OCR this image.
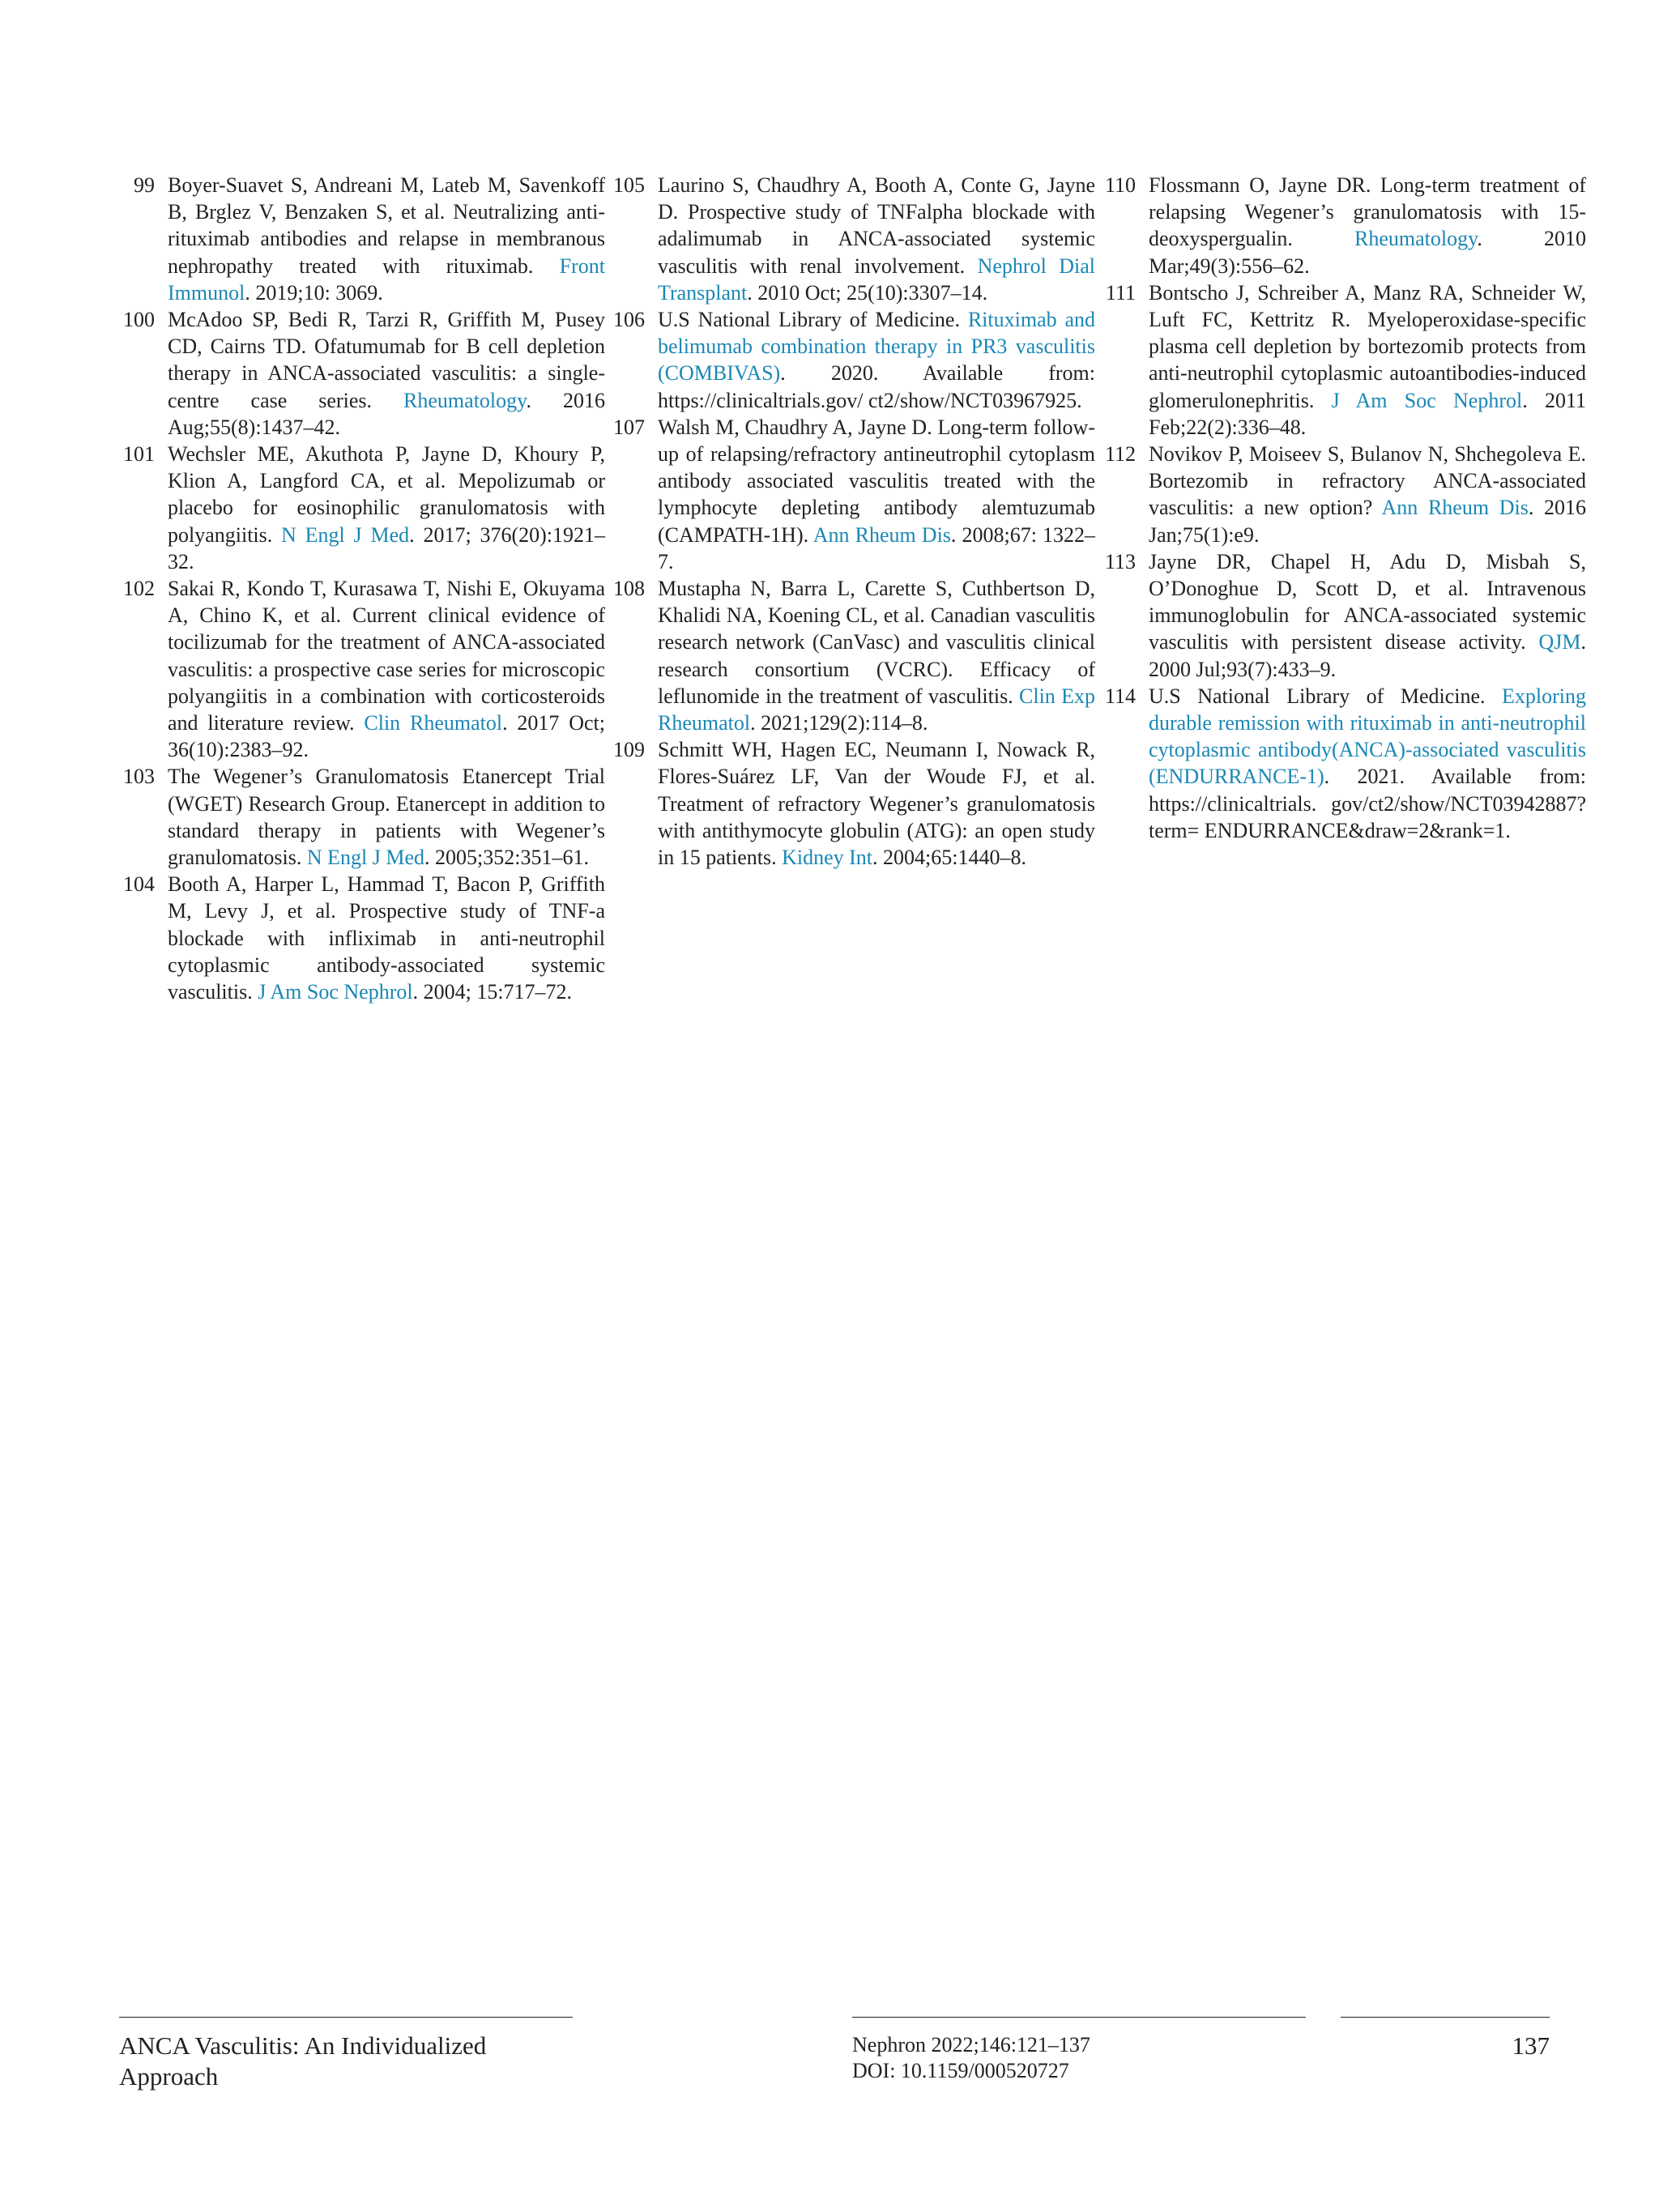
99 Boyer-Suavet S, Andreani M, Lateb M, Savenkoff B, Brglez V, Benzaken S, et al. Neutralizing anti-rituximab antibodies and relapse in membranous nephropathy treated with rituximab. Front Immunol. 2019;10: 3069.
100 McAdoo SP, Bedi R, Tarzi R, Griffith M, Pusey CD, Cairns TD. Ofatumumab for B cell depletion therapy in ANCA-associated vasculitis: a single-centre case series. Rheumatology. 2016 Aug;55(8):1437–42.
101 Wechsler ME, Akuthota P, Jayne D, Khoury P, Klion A, Langford CA, et al. Mepolizumab or placebo for eosinophilic granulomatosis with polyangiitis. N Engl J Med. 2017; 376(20):1921–32.
102 Sakai R, Kondo T, Kurasawa T, Nishi E, Okuyama A, Chino K, et al. Current clinical evidence of tocilizumab for the treatment of ANCA-associated vasculitis: a prospective case series for microscopic polyangiitis in a combination with corticosteroids and literature review. Clin Rheumatol. 2017 Oct; 36(10):2383–92.
103 The Wegener’s Granulomatosis Etanercept Trial (WGET) Research Group. Etanercept in addition to standard therapy in patients with Wegener’s granulomatosis. N Engl J Med. 2005;352:351–61.
104 Booth A, Harper L, Hammad T, Bacon P, Griffith M, Levy J, et al. Prospective study of TNF-a blockade with infliximab in anti-neutrophil cytoplasmic antibody-associated systemic vasculitis. J Am Soc Nephrol. 2004; 15:717–72.
105 Laurino S, Chaudhry A, Booth A, Conte G, Jayne D. Prospective study of TNFalpha blockade with adalimumab in ANCA-associated systemic vasculitis with renal involvement. Nephrol Dial Transplant. 2010 Oct; 25(10):3307–14.
106 U.S National Library of Medicine. Rituximab and belimumab combination therapy in PR3 vasculitis (COMBIVAS). 2020. Available from: https://clinicaltrials.gov/ ct2/show/NCT03967925.
107 Walsh M, Chaudhry A, Jayne D. Long-term follow-up of relapsing/refractory antineutrophil cytoplasm antibody associated vasculitis treated with the lymphocyte depleting antibody alemtuzumab (CAMPATH-1H). Ann Rheum Dis. 2008;67: 1322–7.
108 Mustapha N, Barra L, Carette S, Cuthbertson D, Khalidi NA, Koening CL, et al. Canadian vasculitis research network (CanVasc) and vasculitis clinical research consortium (VCRC). Efficacy of leflunomide in the treatment of vasculitis. Clin Exp Rheumatol. 2021;129(2):114–8.
109 Schmitt WH, Hagen EC, Neumann I, Nowack R, Flores-Suárez LF, Van der Woude FJ, et al. Treatment of refractory Wegener’s granulomatosis with antithymocyte globulin (ATG): an open study in 15 patients. Kidney Int. 2004;65:1440–8.
110 Flossmann O, Jayne DR. Long-term treatment of relapsing Wegener’s granulomatosis with 15-deoxyspergualin. Rheumatology. 2010 Mar;49(3):556–62.
111 Bontscho J, Schreiber A, Manz RA, Schneider W, Luft FC, Kettritz R. Myeloperoxidase-specific plasma cell depletion by bortezomib protects from anti-neutrophil cytoplasmic autoantibodies-induced glomerulonephritis. J Am Soc Nephrol. 2011 Feb;22(2):336–48.
112 Novikov P, Moiseev S, Bulanov N, Shchegoleva E. Bortezomib in refractory ANCA-associated vasculitis: a new option? Ann Rheum Dis. 2016 Jan;75(1):e9.
113 Jayne DR, Chapel H, Adu D, Misbah S, O’Donoghue D, Scott D, et al. Intravenous immunoglobulin for ANCA-associated systemic vasculitis with persistent disease activity. QJM. 2000 Jul;93(7):433–9.
114 U.S National Library of Medicine. Exploring durable remission with rituximab in anti-neutrophil cytoplasmic antibody(ANCA)-associated vasculitis (ENDURRANCE-1). 2021. Available from: https://clinicaltrials. gov/ct2/show/NCT03942887?term= ENDURRANCE&draw=2&rank=1.
ANCA Vasculitis: An Individualized
Approach
Nephron 2022;146:121–137
DOI: 10.1159/000520727
137
